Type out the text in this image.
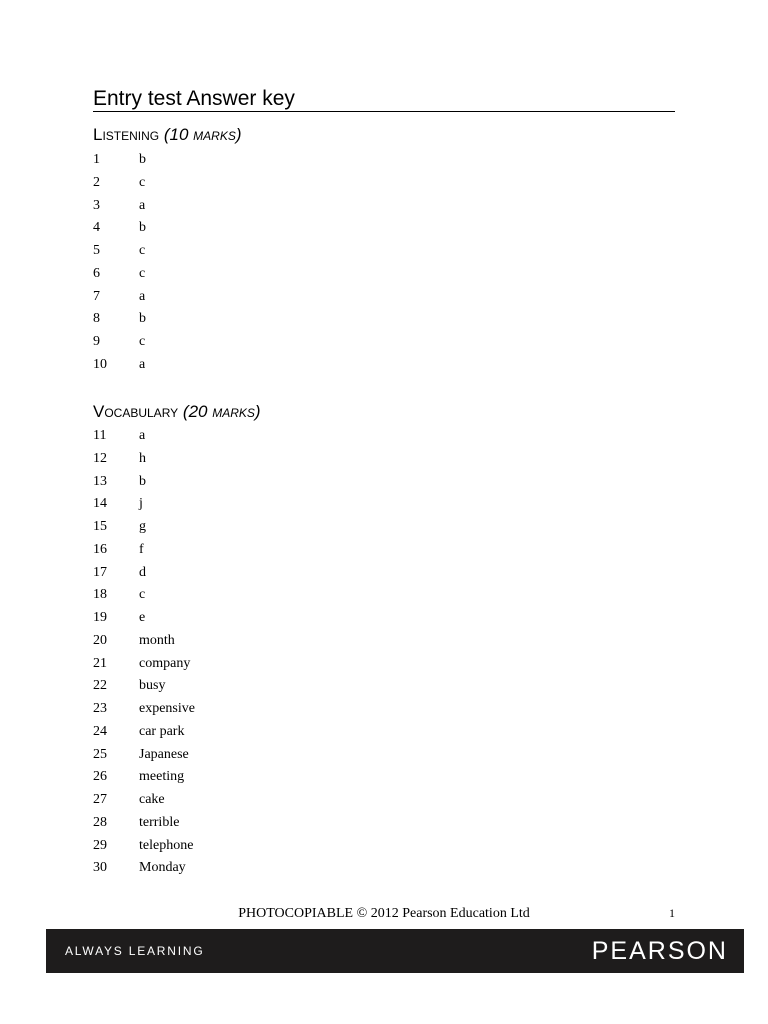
Entry test Answer key
Listening (10 marks)
1	b
2	c
3	a
4	b
5	c
6	c
7	a
8	b
9	c
10	a
Vocabulary (20 marks)
11	a
12	h
13	b
14	j
15	g
16	f
17	d
18	c
19	e
20	month
21	company
22	busy
23	expensive
24	car park
25	Japanese
26	meeting
27	cake
28	terrible
29	telephone
30	Monday
PHOTOCOPIABLE © 2012 Pearson Education Ltd	1
ALWAYS LEARNING	PEARSON
